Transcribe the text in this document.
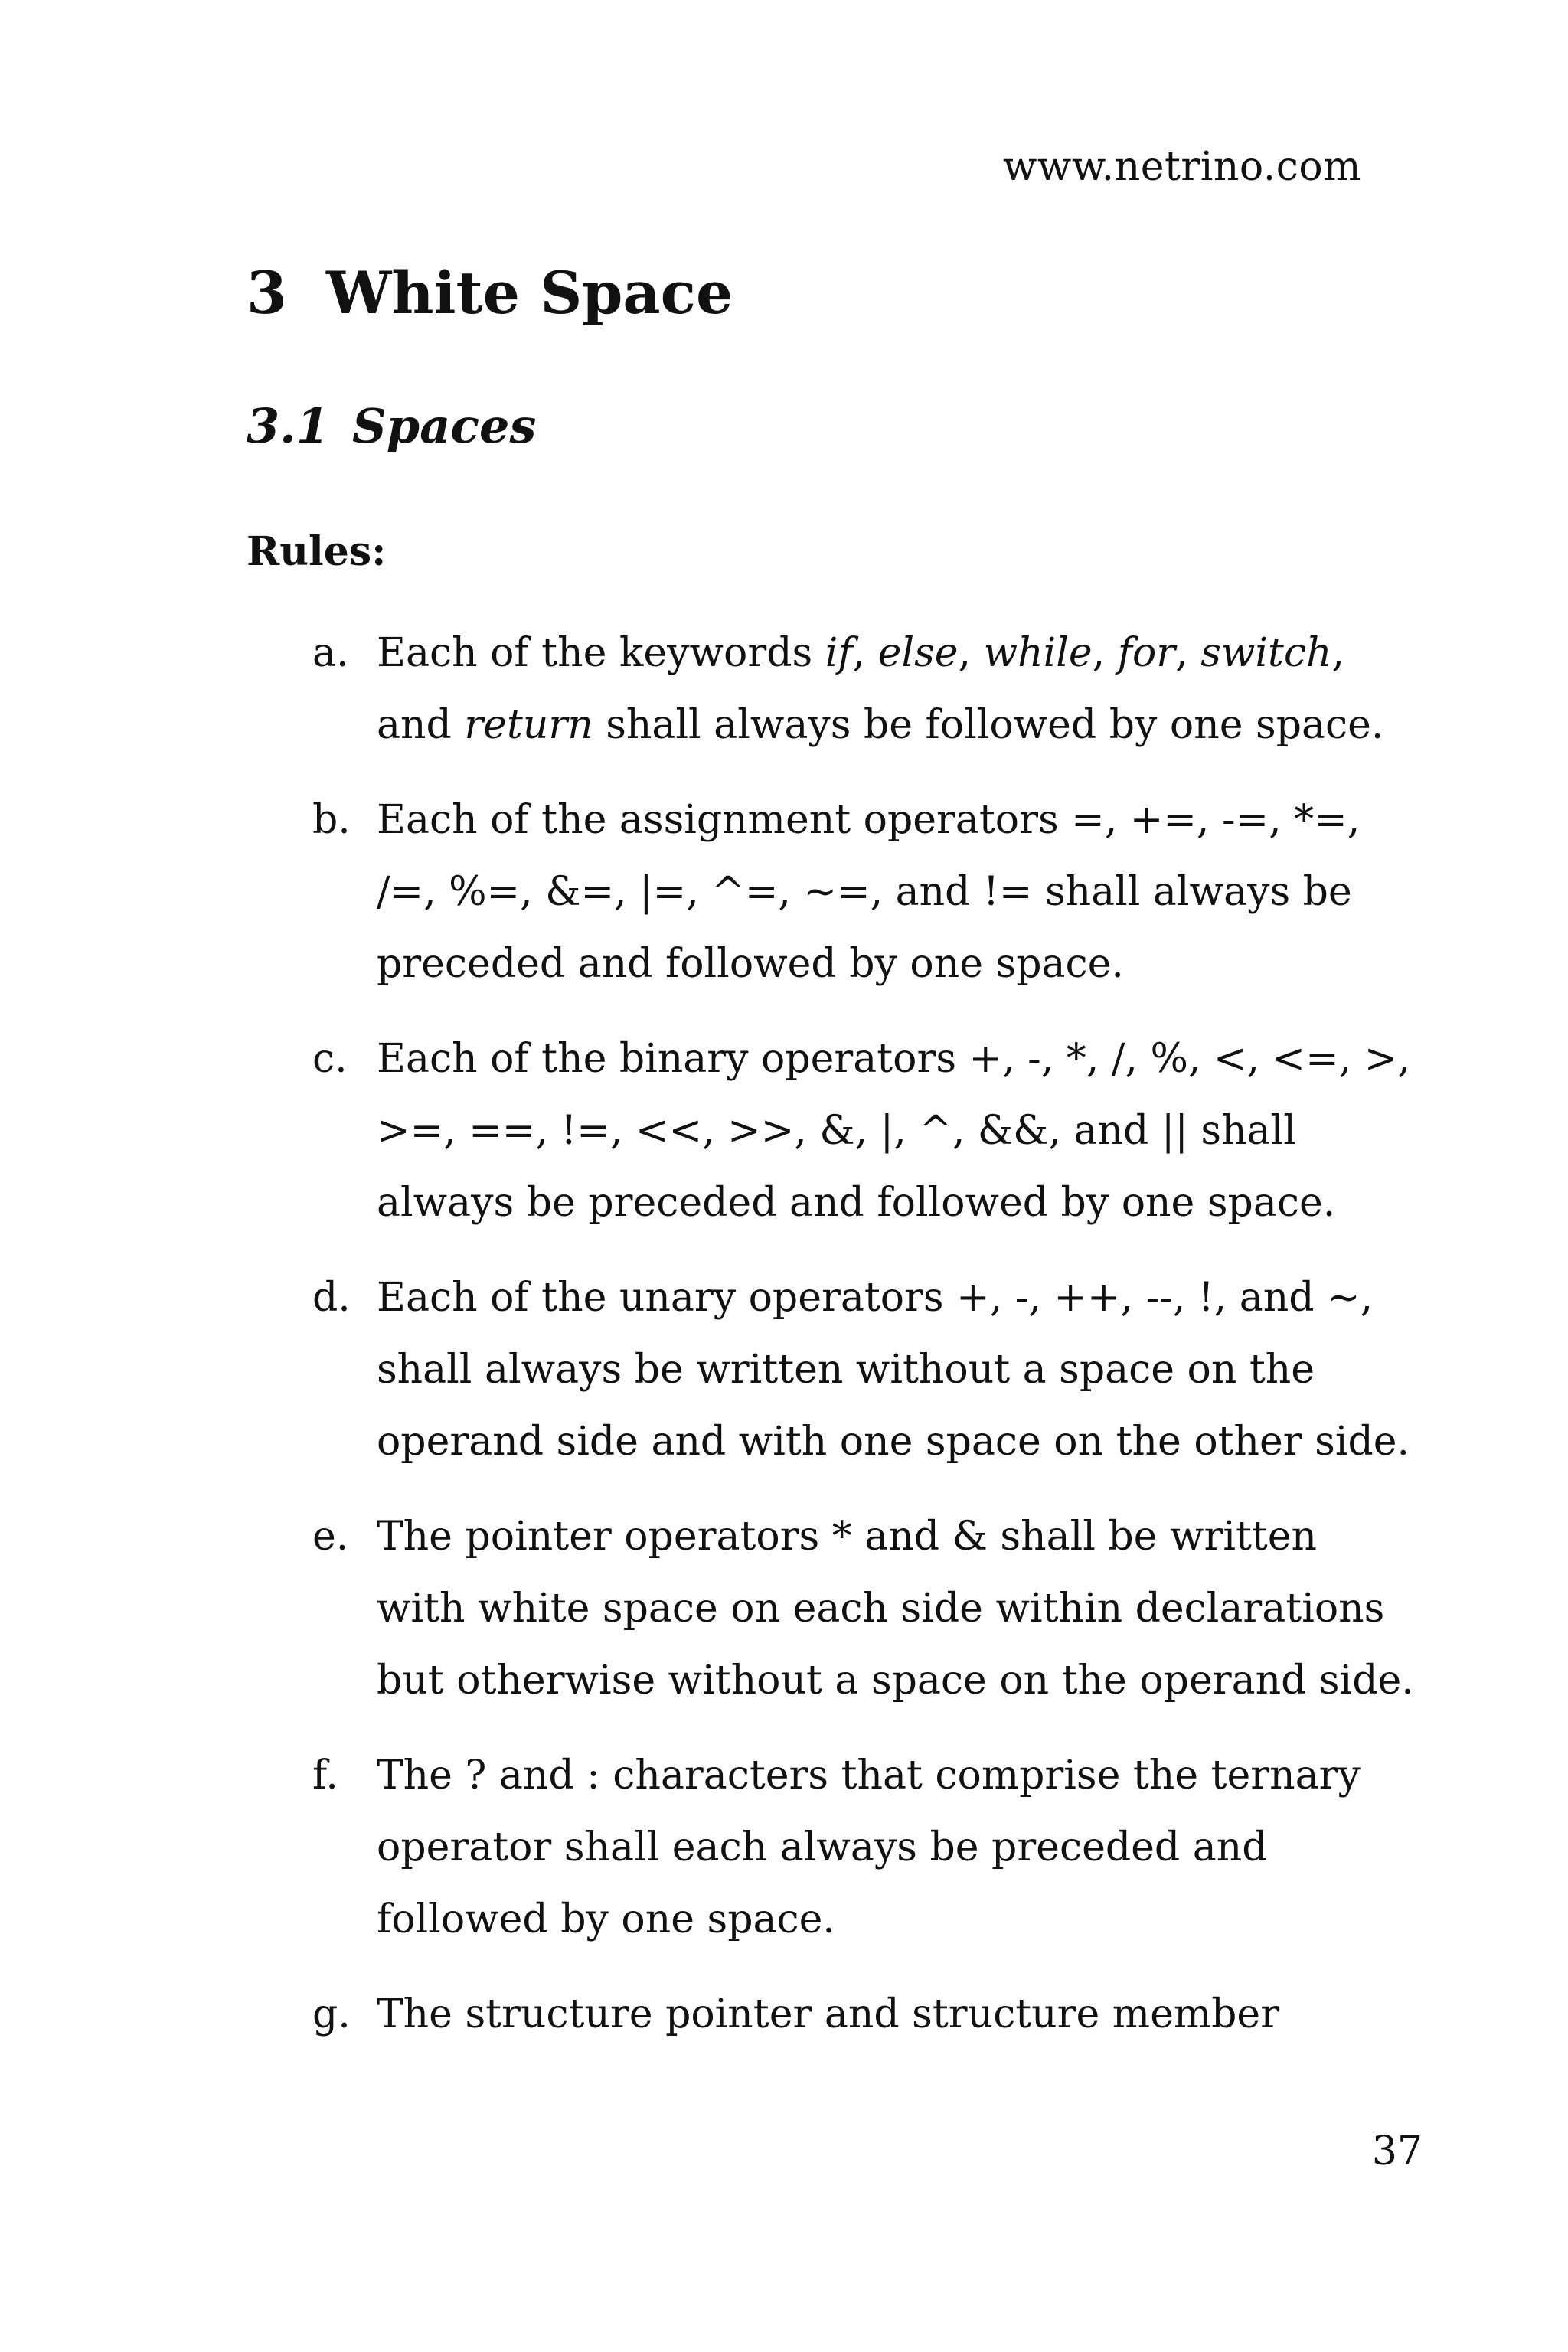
www.netrino.com
3 White Space
3.1 Spaces
Rules:
a. Each of the keywords if, else, while, for, switch, and return shall always be followed by one space.
b. Each of the assignment operators =, +=, -=, *=, /=, %=, &=, |=, ^=, ~=, and != shall always be preceded and followed by one space.
c. Each of the binary operators +, -, *, /, %, <, <=, >, >=, ==, !=, <<, >>, &, |, ^, &&, and || shall always be preceded and followed by one space.
d. Each of the unary operators +, -, ++, --, !, and ~, shall always be written without a space on the operand side and with one space on the other side.
e. The pointer operators * and & shall be written with white space on each side within declarations but otherwise without a space on the operand side.
f. The ? and : characters that comprise the ternary operator shall each always be preceded and followed by one space.
g. The structure pointer and structure member
37
